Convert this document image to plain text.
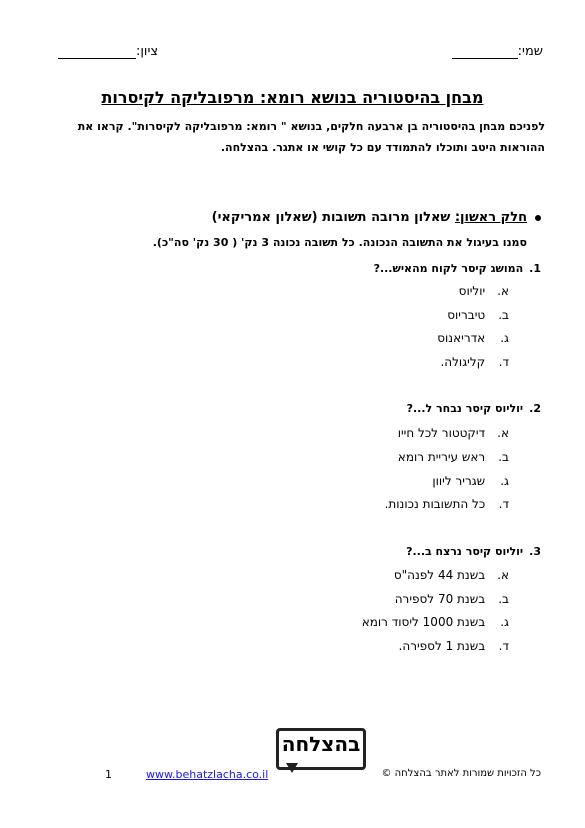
שמי:
ציון:
מבחן בהיסטוריה בנושא רומא: מרפובליקה לקיסרות
לפניכם מבחן בהיסטוריה בן ארבעה חלקים, בנושא " רומא: מרפובליקה לקיסרות". קראו את ההוראות היטב ותוכלו להתמודד עם כל קושי או אתגר. בהצלחה.
חלק ראשון: שאלון מרובה תשובות (שאלון אמריקאי)
סמנו בעיגול את התשובה הנכונה. כל תשובה נכונה 3 נק' ( 30 נק' סה"כ).
1.המושג קיסר לקוח מהאיש...?
א. יוליוס
ב. טיבריוס
ג. אדריאנוס
ד. קליגולה.
2.יוליוס קיסר נבחר ל...?
א. דיקטטור לכל חייו
ב. ראש עיריית רומא
ג. שגריר ליוון
ד. כל התשובות נכונות.
3.יוליוס קיסר נרצח ב...?
א. בשנת 44 לפנה"ס
ב. בשנת 70 לספירה
ג. בשנת 1000 ליסוד רומא
ד. בשנת 1 לספירה.
בהצלחה
כל הזכויות שמורות לאתר בהצלחה ©
www.behatzlacha.co.il
1
